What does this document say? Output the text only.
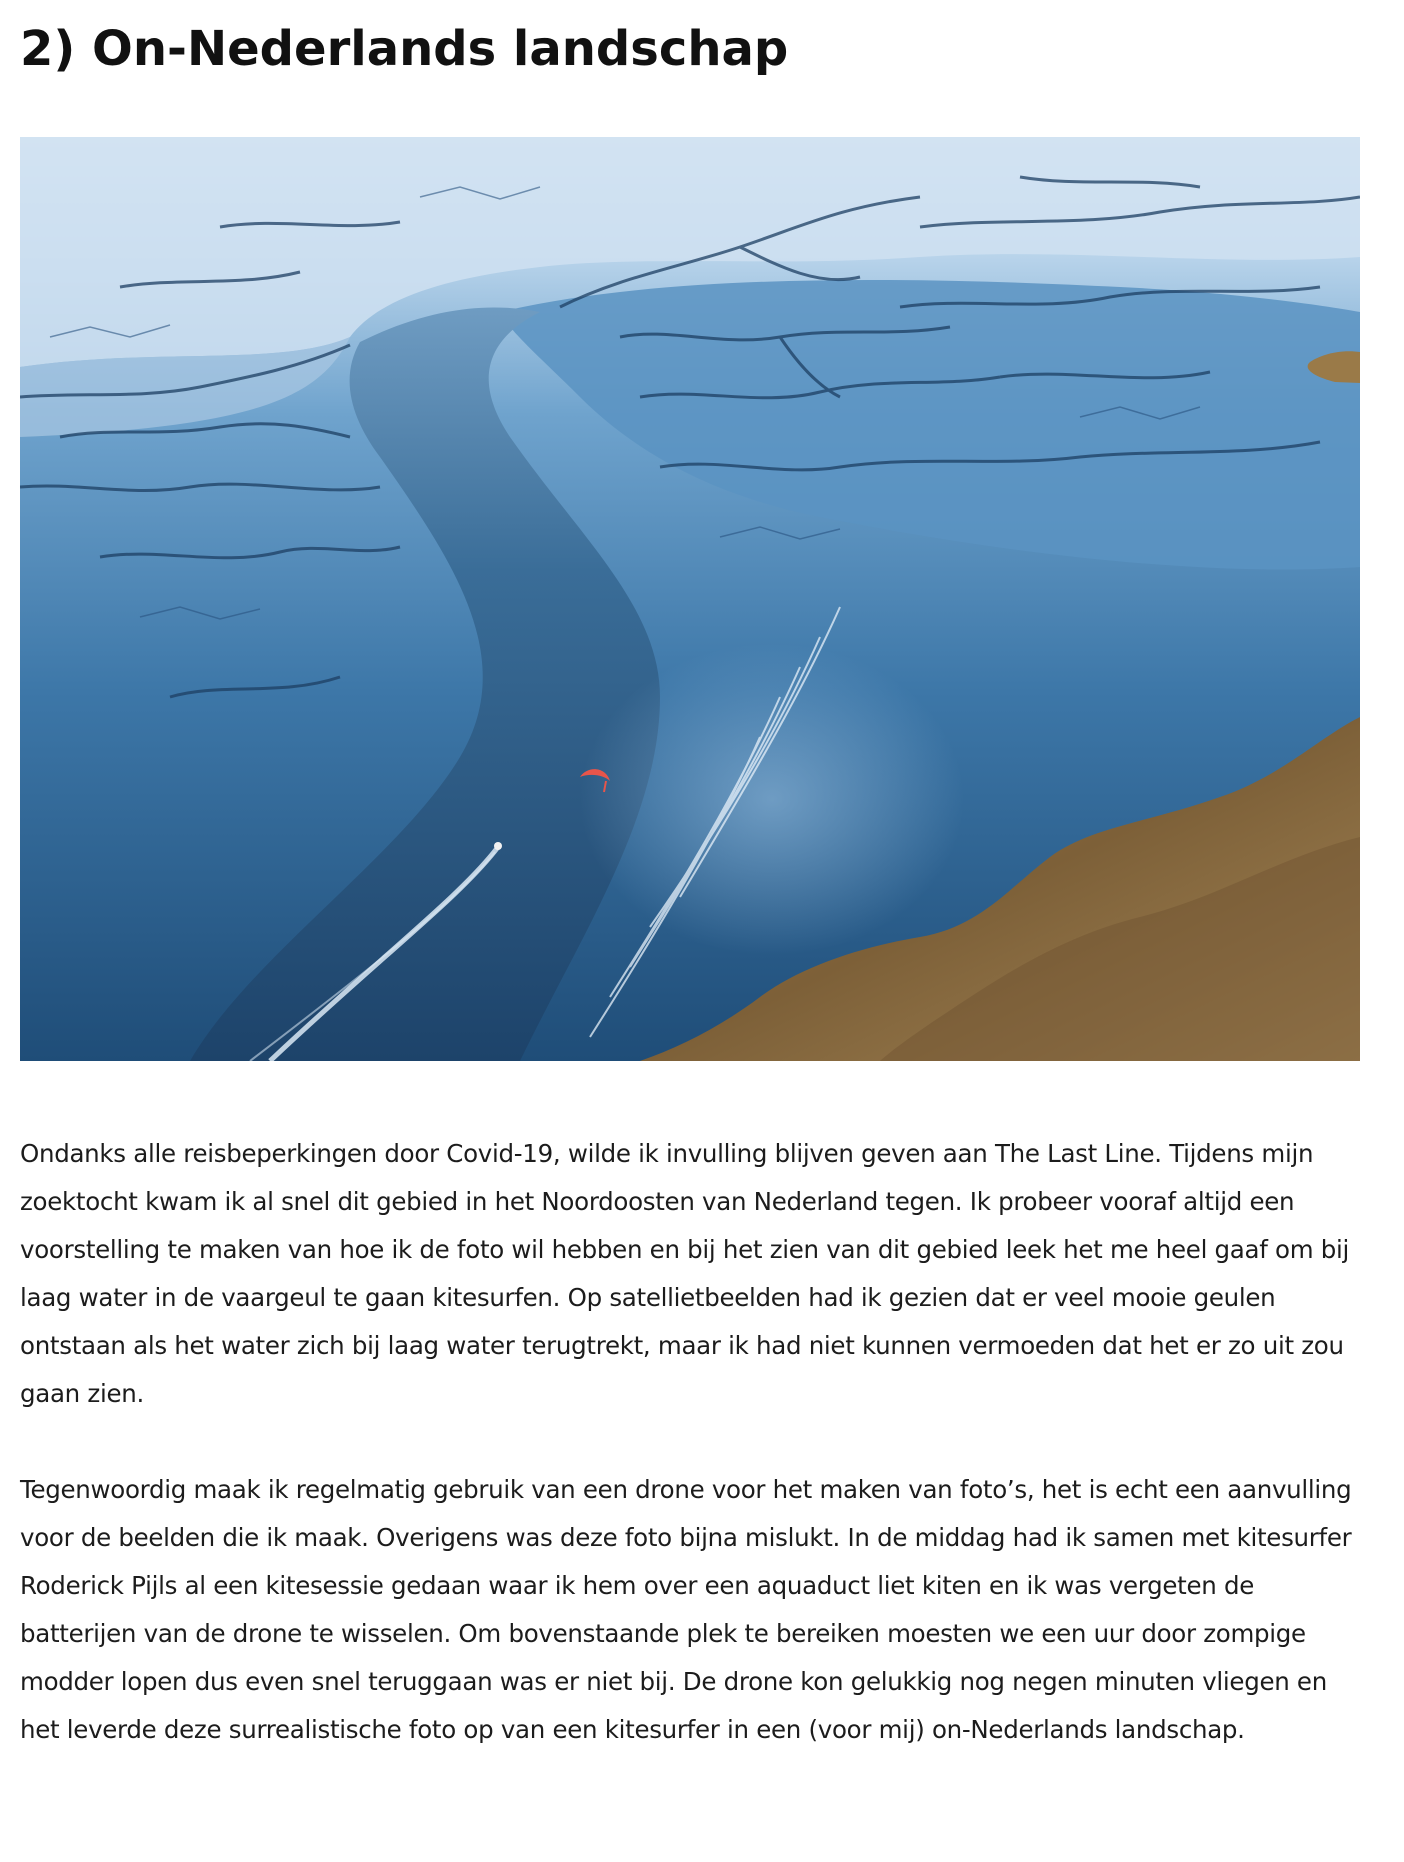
2) On-Nederlands landschap

Ondanks alle reisbeperkingen door Covid-19, wilde ik invulling blijven geven aan The Last Line. Tijdens mijn zoektocht kwam ik al snel dit gebied in het Noordoosten van Nederland tegen. Ik probeer vooraf altijd een voorstelling te maken van hoe ik de foto wil hebben en bij het zien van dit gebied leek het me heel gaaf om bij laag water in de vaargeul te gaan kitesurfen. Op satellietbeelden had ik gezien dat er veel mooie geulen ontstaan als het water zich bij laag water terugtrekt, maar ik had niet kunnen vermoeden dat het er zo uit zou gaan zien.

Tegenwoordig maak ik regelmatig gebruik van een drone voor het maken van foto’s, het is echt een aanvulling voor de beelden die ik maak. Overigens was deze foto bijna mislukt. In de middag had ik samen met kitesurfer Roderick Pijls al een kitesessie gedaan waar ik hem over een aquaduct liet kiten en ik was vergeten de batterijen van de drone te wisselen. Om bovenstaande plek te bereiken moesten we een uur door zompige modder lopen dus even snel teruggaan was er niet bij. De drone kon gelukkig nog negen minuten vliegen en het leverde deze surrealistische foto op van een kitesurfer in een (voor mij) on-Nederlands landschap.
